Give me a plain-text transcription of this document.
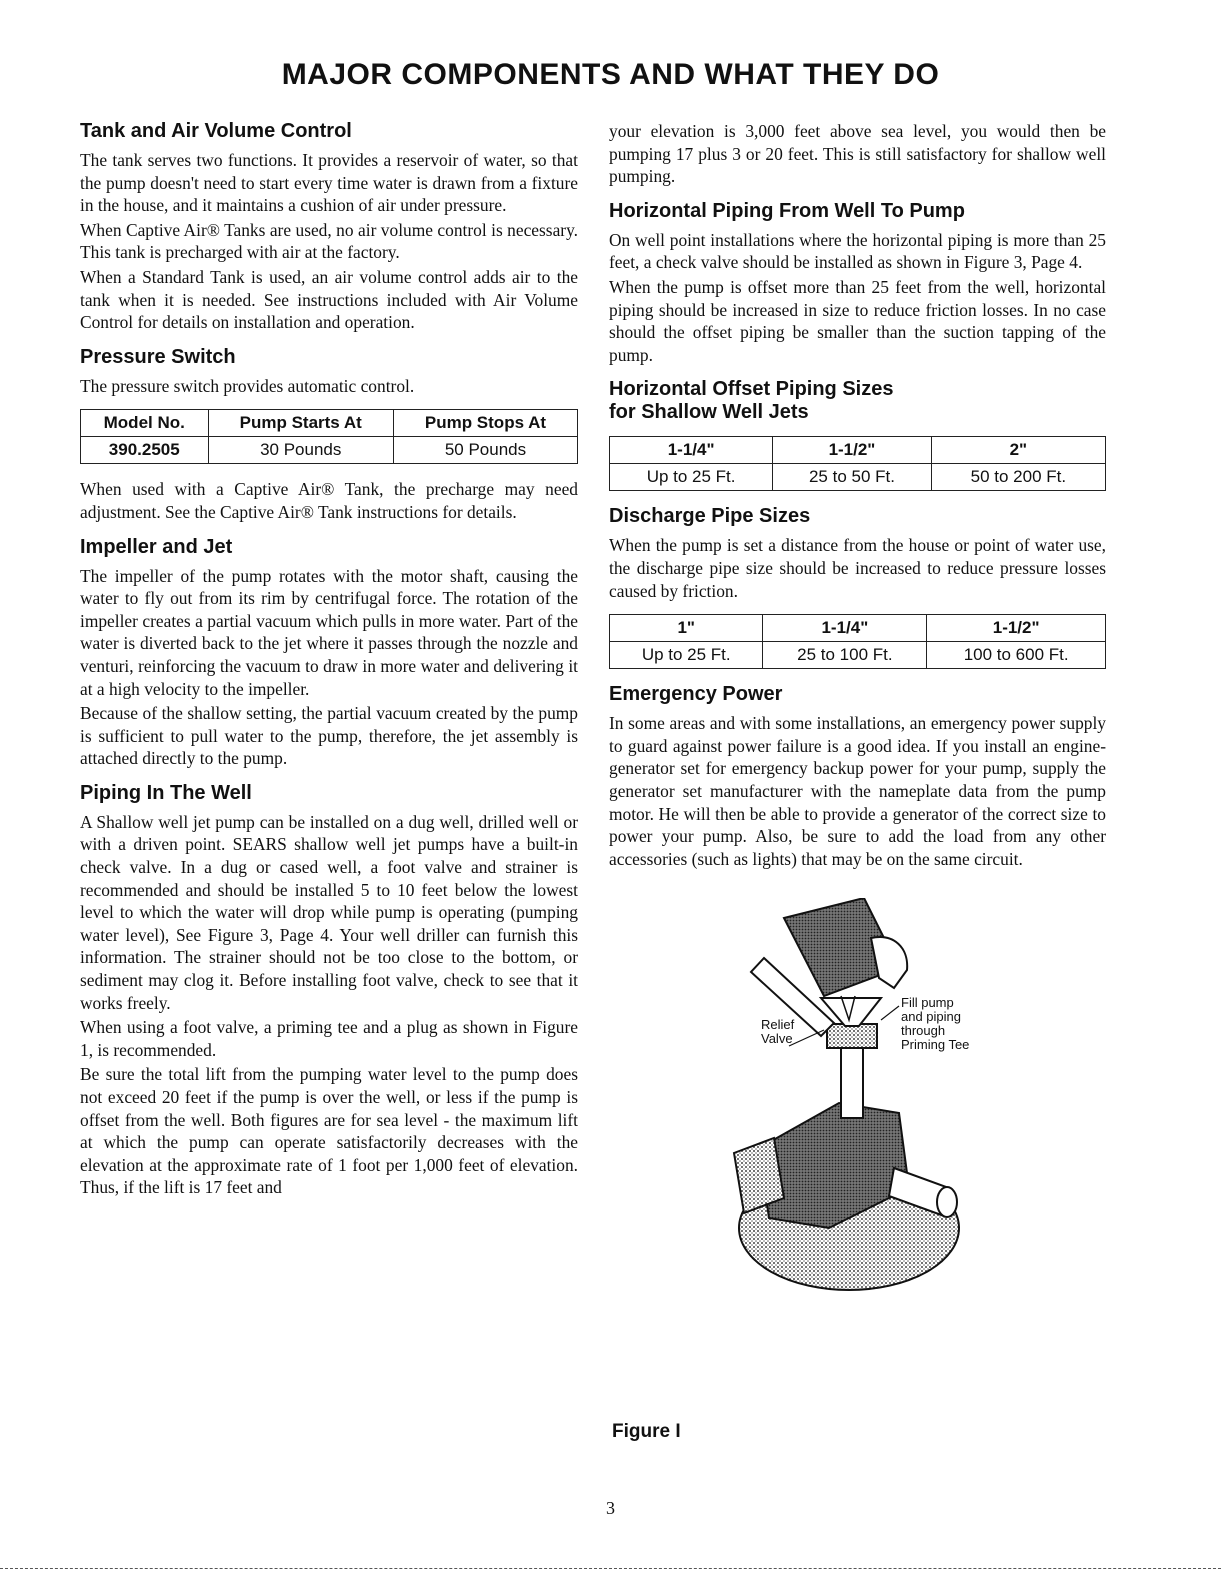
MAJOR COMPONENTS AND WHAT THEY DO
Tank and Air Volume Control

The tank serves two functions. It provides a reservoir of water, so that the pump doesn't need to start every time water is drawn from a fixture in the house, and it maintains a cushion of air under pressure.

When Captive Air® Tanks are used, no air volume control is necessary. This tank is precharged with air at the factory.

When a Standard Tank is used, an air volume control adds air to the tank when it is needed. See instructions included with Air Volume Control for details on installation and operation.

Pressure Switch

The pressure switch provides automatic control.

Model No.	Pump Starts At	Pump Stops At
390.2505	30 Pounds	50 Pounds

When used with a Captive Air® Tank, the precharge may need adjustment. See the Captive Air® Tank instructions for details.

Impeller and Jet

The impeller of the pump rotates with the motor shaft, causing the water to fly out from its rim by centrifugal force. The rotation of the impeller creates a partial vacuum which pulls in more water. Part of the water is diverted back to the jet where it passes through the nozzle and venturi, reinforcing the vacuum to draw in more water and delivering it at a high velocity to the impeller.

Because of the shallow setting, the partial vacuum created by the pump is sufficient to pull water to the pump, therefore, the jet assembly is attached directly to the pump.

Piping In The Well

A Shallow well jet pump can be installed on a dug well, drilled well or with a driven point. SEARS shallow well jet pumps have a built-in check valve. In a dug or cased well, a foot valve and strainer is recommended and should be installed 5 to 10 feet below the lowest level to which the water will drop while pump is operating (pumping water level), See Figure 3, Page 4. Your well driller can furnish this information. The strainer should not be too close to the bottom, or sediment may clog it. Before installing foot valve, check to see that it works freely.

When using a foot valve, a priming tee and a plug as shown in Figure 1, is recommended.

Be sure the total lift from the pumping water level to the pump does not exceed 20 feet if the pump is over the well, or less if the pump is offset from the well. Both figures are for sea level - the maximum lift at which the pump can operate satisfactorily decreases with the elevation at the approximate rate of 1 foot per 1,000 feet of elevation. Thus, if the lift is 17 feet and

your elevation is 3,000 feet above sea level, you would then be pumping 17 plus 3 or 20 feet. This is still satisfactory for shallow well pumping.

Horizontal Piping From Well To Pump

On well point installations where the horizontal piping is more than 25 feet, a check valve should be installed as shown in Figure 3, Page 4.

When the pump is offset more than 25 feet from the well, horizontal piping should be increased in size to reduce friction losses. In no case should the offset piping be smaller than the suction tapping of the pump.

Horizontal Offset Piping Sizes
for Shallow Well Jets
1-1/4"	1-1/2"	2"
Up to 25 Ft.	25 to 50 Ft.	50 to 200 Ft.
Discharge Pipe Sizes

When the pump is set a distance from the house or point of water use, the discharge pipe size should be increased to reduce pressure losses caused by friction.

1"	1-1/4"	1-1/2"
Up to 25 Ft.	25 to 100 Ft.	100 to 600 Ft.
Emergency Power

In some areas and with some installations, an emergency power supply to guard against power failure is a good idea. If you install an engine-generator set for emergency backup power for your pump, supply the generator set manufacturer with the nameplate data from the pump motor. He will then be able to provide a generator of the correct size to power your pump. Also, be sure to add the load from any other accessories (such as lights) that may be on the same circuit.

Fill pump
and piping
through
Priming Tee
Relief
Valve
Figure I
3
